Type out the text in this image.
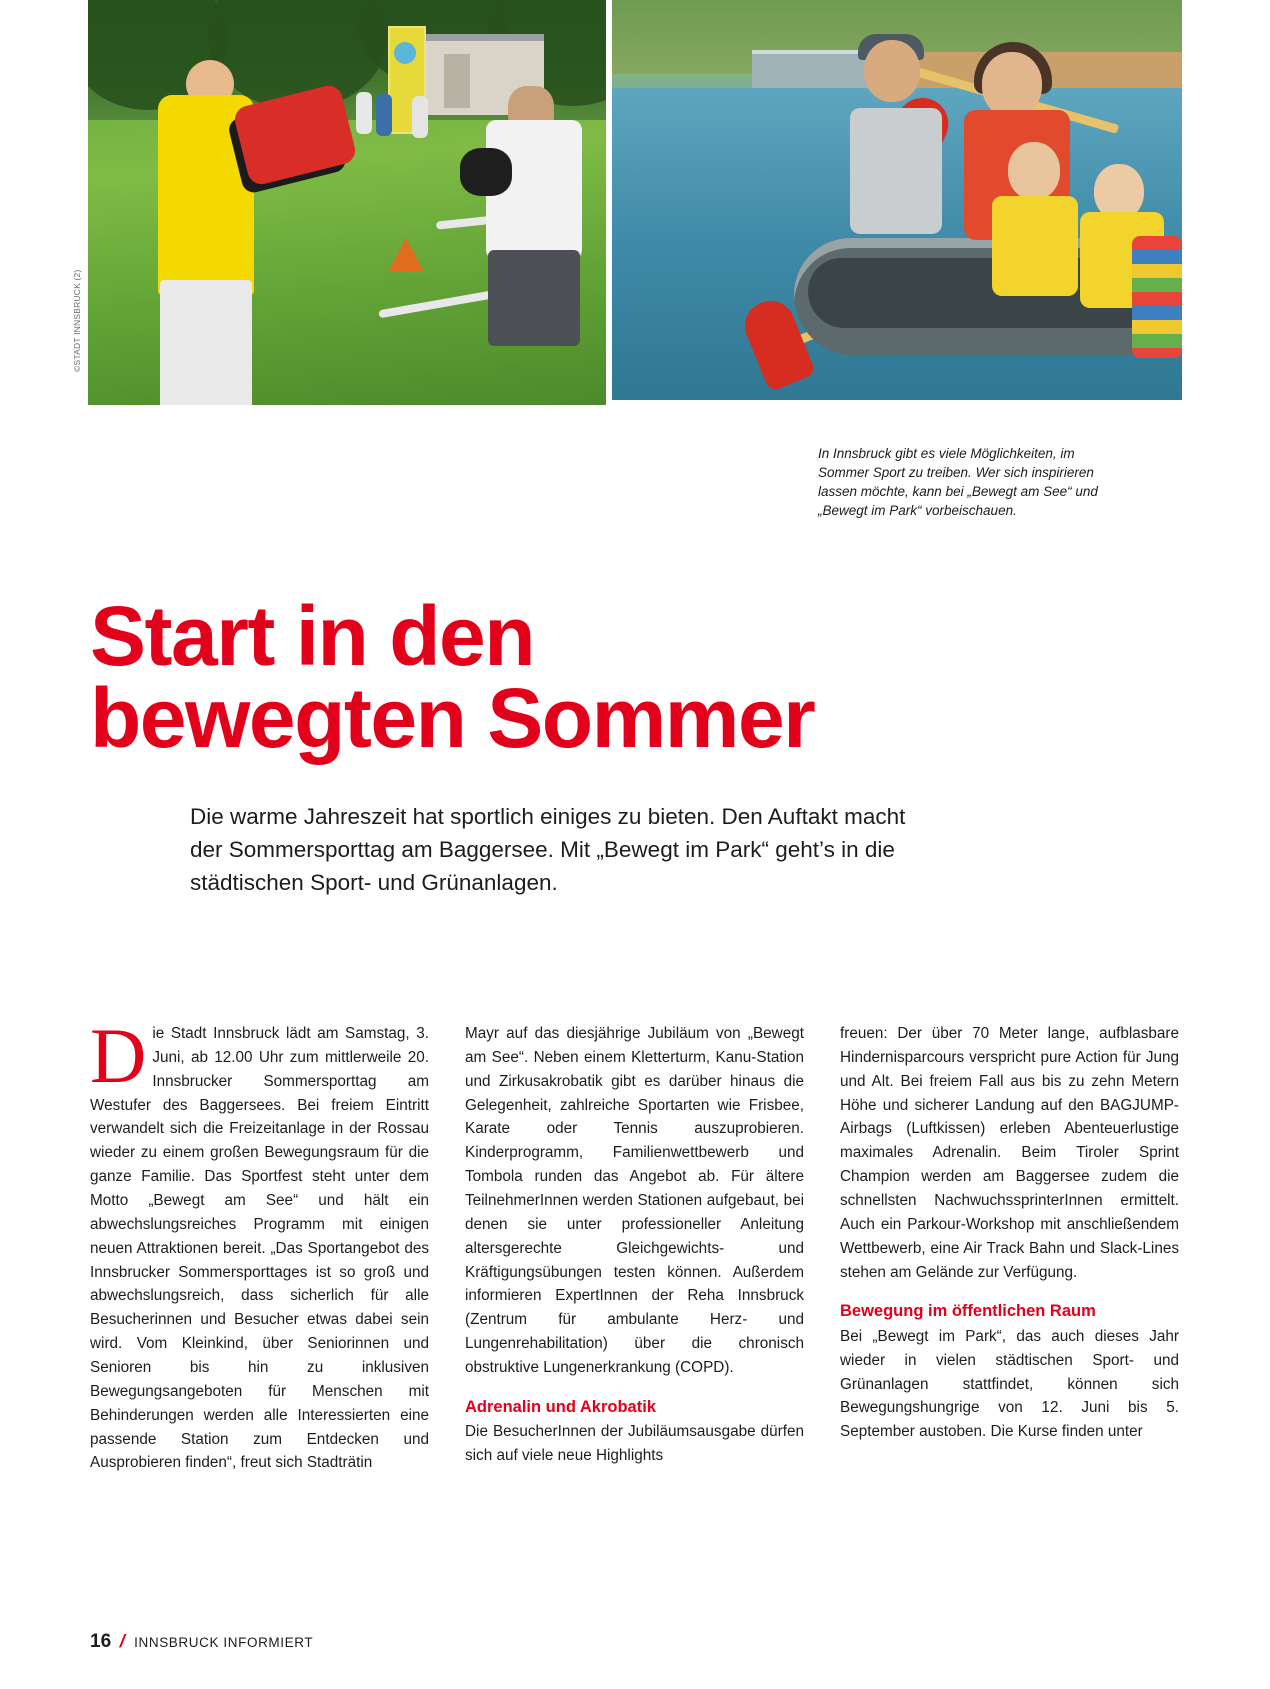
©STADT INNSBRUCK (2)
In Innsbruck gibt es viele Möglichkeiten, im Sommer Sport zu treiben. Wer sich inspirieren lassen möchte, kann bei „Bewegt am See“ und „Bewegt im Park“ vorbeischauen.
Start in den
bewegten Sommer
Die warme Jahreszeit hat sportlich einiges zu bieten. Den Auftakt macht der Sommersporttag am Baggersee. Mit „Bewegt im Park“ geht’s in die städtischen Sport- und Grünanlagen.

Die Stadt Innsbruck lädt am Samstag, 3. Juni, ab 12.00 Uhr zum mittlerweile 20. Innsbrucker Sommersporttag am Westufer des Baggersees. Bei freiem Eintritt verwandelt sich die Freizeitanlage in der Rossau wieder zu einem großen Bewegungsraum für die ganze Familie. Das Sportfest steht unter dem Motto „Bewegt am See“ und hält ein abwechslungsreiches Programm mit einigen neuen Attraktionen bereit. „Das Sportangebot des Innsbrucker Sommersporttages ist so groß und abwechslungsreich, dass sicherlich für alle Besucherinnen und Besucher etwas dabei sein wird. Vom Kleinkind, über Seniorinnen und Senioren bis hin zu inklusiven Bewegungsangeboten für Menschen mit Behinderungen werden alle Interessierten eine passende Station zum Entdecken und Ausprobieren finden“, freut sich Stadträtin

Mayr auf das diesjährige Jubiläum von „Bewegt am See“. Neben einem Kletterturm, Kanu-Station und Zirkusakrobatik gibt es darüber hinaus die Gelegenheit, zahlreiche Sportarten wie Frisbee, Karate oder Tennis auszuprobieren. Kinderprogramm, Familienwettbewerb und Tombola runden das Angebot ab. Für ältere TeilnehmerInnen werden Stationen aufgebaut, bei denen sie unter professioneller Anleitung altersgerechte Gleichgewichts- und Kräftigungsübungen testen können. Außerdem informieren ExpertInnen der Reha Innsbruck (Zentrum für ambulante Herz- und Lungenrehabilitation) über die chronisch obstruktive Lungenerkrankung (COPD).

Adrenalin und Akrobatik

Die BesucherInnen der Jubiläumsausgabe dürfen sich auf viele neue Highlights

freuen: Der über 70 Meter lange, aufblasbare Hindernisparcours verspricht pure Action für Jung und Alt. Bei freiem Fall aus bis zu zehn Metern Höhe und sicherer Landung auf den BAGJUMP-Airbags (Luftkissen) erleben Abenteuerlustige maximales Adrenalin. Beim Tiroler Sprint Champion werden am Baggersee zudem die schnellsten NachwuchssprinterInnen ermittelt. Auch ein Parkour-Workshop mit anschließendem Wettbewerb, eine Air Track Bahn und Slack-Lines stehen am Gelände zur Verfügung.

Bewegung im öffentlichen Raum

Bei „Bewegt im Park“, das auch dieses Jahr wieder in vielen städtischen Sport- und Grünanlagen stattfindet, können sich Bewegungshungrige von 12. Juni bis 5. September austoben. Die Kurse finden unter

16 / INNSBRUCK INFORMIERT
